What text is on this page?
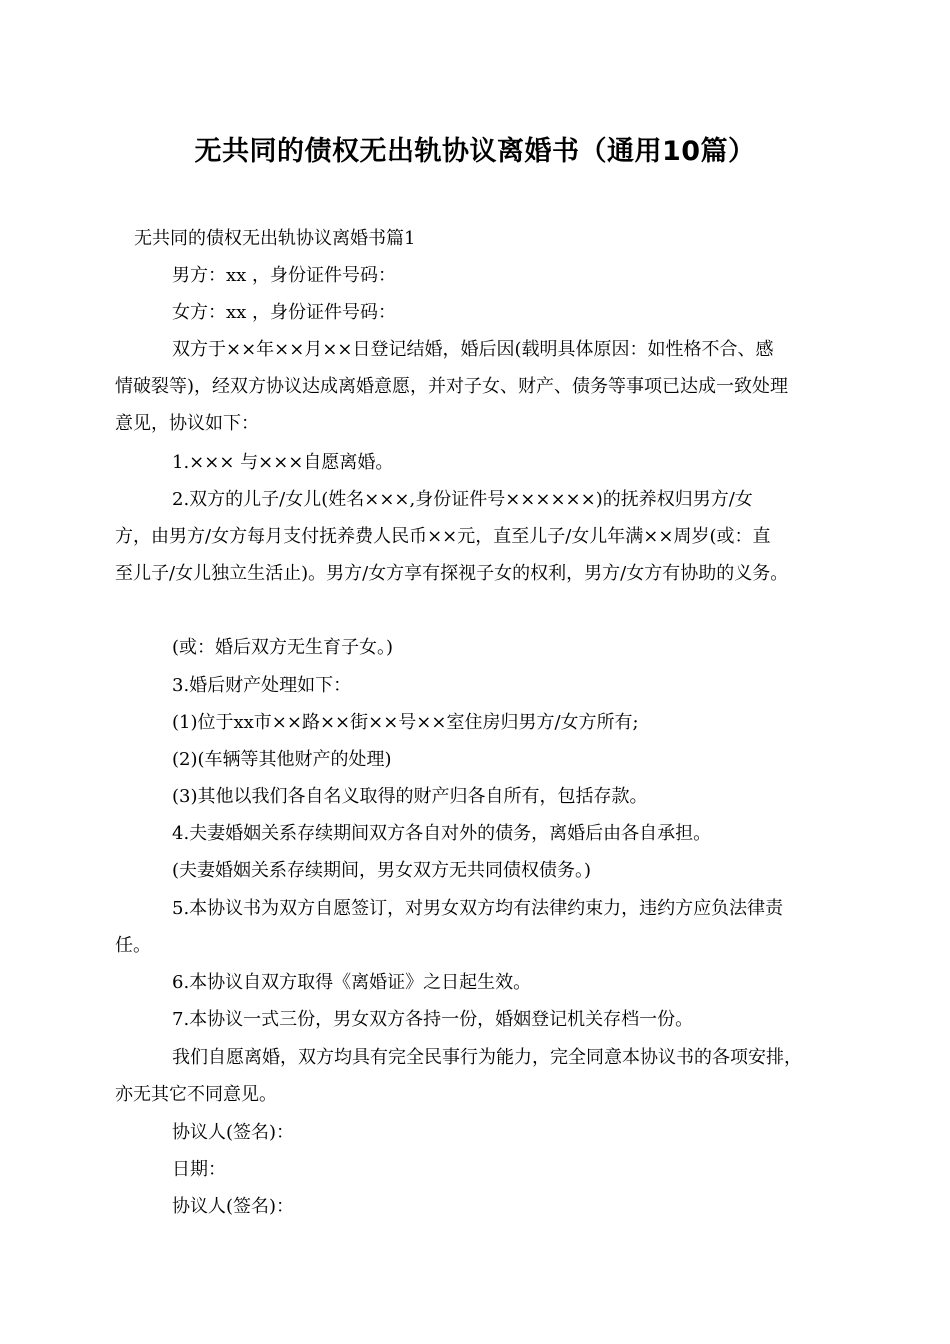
无共同的债权无出轨协议离婚书（通用10篇）
无共同的债权无出轨协议离婚书篇1
男方：xx ，身份证件号码：
女方：xx ，身份证件号码：
双方于××年××月××日登记结婚，婚后因(载明具体原因：如性格不合、感
情破裂等)，经双方协议达成离婚意愿，并对子女、财产、债务等事项已达成一致处理
意见，协议如下：
1.××× 与×××自愿离婚。
2.双方的儿子/女儿(姓名×××,身份证件号××××××)的抚养权归男方/女
方，由男方/女方每月支付抚养费人民币××元，直至儿子/女儿年满××周岁(或：直
至儿子/女儿独立生活止)。男方/女方享有探视子女的权利，男方/女方有协助的义务。
(或：婚后双方无生育子女。)
3.婚后财产处理如下：
(1)位于xx市××路××街××号××室住房归男方/女方所有;
(2)(车辆等其他财产的处理)
(3)其他以我们各自名义取得的财产归各自所有，包括存款。
4.夫妻婚姻关系存续期间双方各自对外的债务，离婚后由各自承担。
(夫妻婚姻关系存续期间，男女双方无共同债权债务。)
5.本协议书为双方自愿签订，对男女双方均有法律约束力，违约方应负法律责
任。
6.本协议自双方取得《离婚证》之日起生效。
7.本协议一式三份，男女双方各持一份，婚姻登记机关存档一份。
我们自愿离婚，双方均具有完全民事行为能力，完全同意本协议书的各项安排，
亦无其它不同意见。
协议人(签名)：
日期：
协议人(签名)：
